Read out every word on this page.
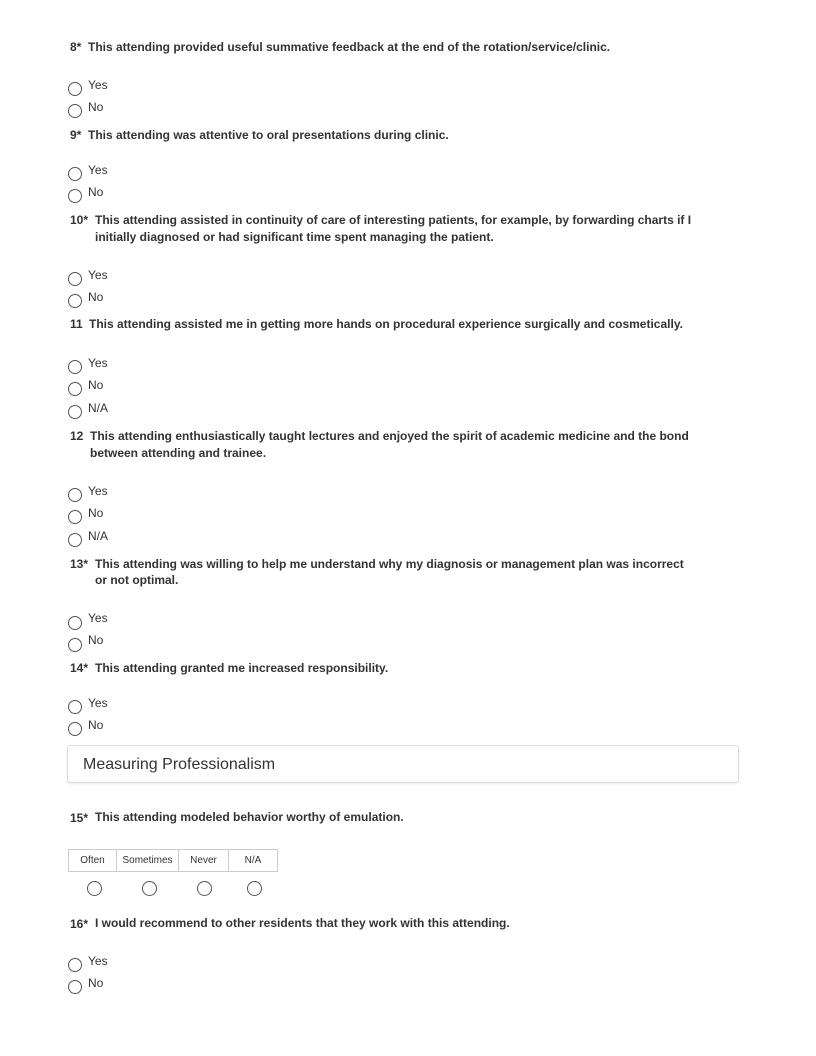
8* This attending provided useful summative feedback at the end of the rotation/service/clinic.
Yes
No
9* This attending was attentive to oral presentations during clinic.
Yes
No
10* This attending assisted in continuity of care of interesting patients, for example, by forwarding charts if I
initially diagnosed or had significant time spent managing the patient.
Yes
No
11 This attending assisted me in getting more hands on procedural experience surgically and cosmetically.
Yes
No
N/A
12 This attending enthusiastically taught lectures and enjoyed the spirit of academic medicine and the bond
between attending and trainee.
Yes
No
N/A
13* This attending was willing to help me understand why my diagnosis or management plan was incorrect
or not optimal.
Yes
No
14* This attending granted me increased responsibility.
Yes
No
Measuring Professionalism
15* This attending modeled behavior worthy of emulation.
Often	Sometimes	Never	N/A
16* I would recommend to other residents that they work with this attending.
Yes
No
